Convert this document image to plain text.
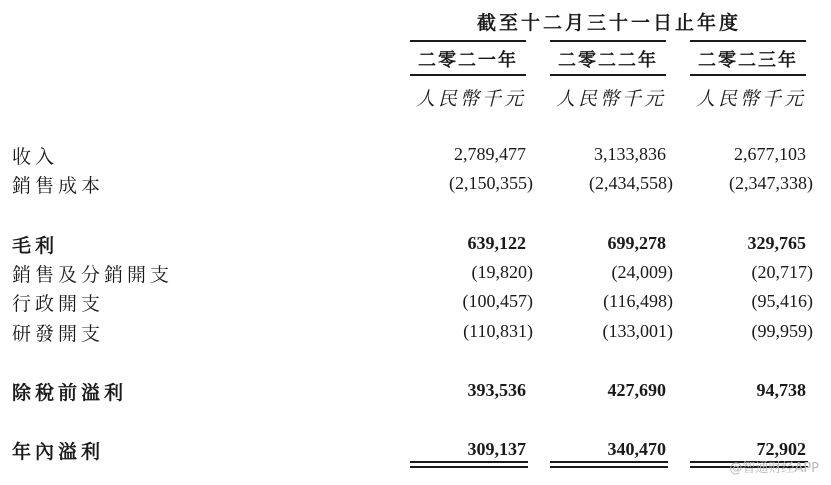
截至十二月三十一日止年度
二零二一年	二零二二年	二零二三年
人民幣千元	人民幣千元	人民幣千元
收入	2,789,477	3,133,836	2,677,103
銷售成本	(2,150,355)	(2,434,558)	(2,347,338)
毛利	639,122	699,278	329,765
銷售及分銷開支	(19,820)	(24,009)	(20,717)
行政開支	(100,457)	(116,498)	(95,416)
研發開支	(110,831)	(133,001)	(99,959)
除稅前溢利	393,536	427,690	94,738
年內溢利	309,137	340,470	72,902
@智通财经APP
